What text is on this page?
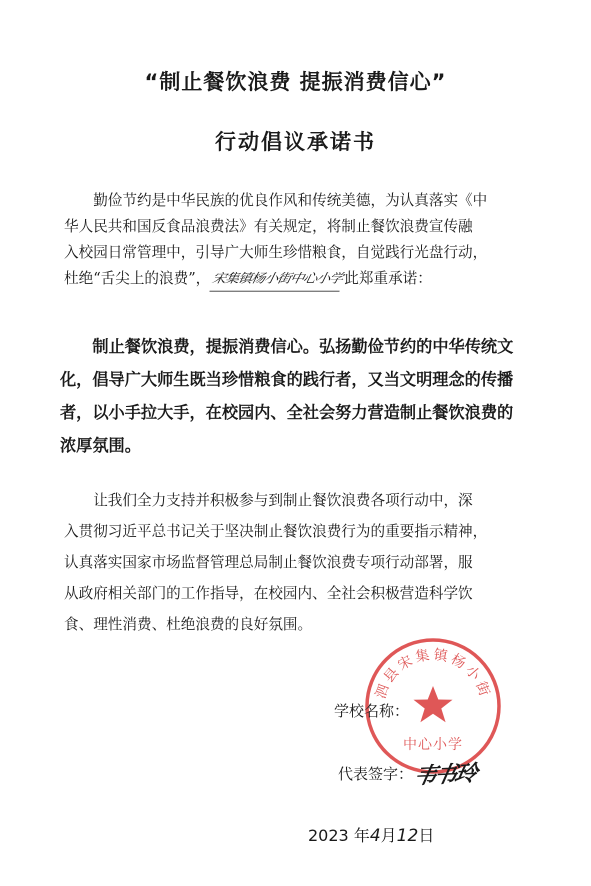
“制止餐饮浪费 提振消费信心”
行动倡议承诺书
勤俭节约是中华民族的优良作风和传统美德，为认真落实《中
华人民共和国反食品浪费法》有关规定，将制止餐饮浪费宣传融
入校园日常管理中，引导广大师生珍惜粮食，自觉践行光盘行动，
杜绝“舌尖上的浪费”，宋集镇杨小街中心小学此郑重承诺：
制止餐饮浪费，提振消费信心。弘扬勤俭节约的中华传统文
化，倡导广大师生既当珍惜粮食的践行者，又当文明理念的传播
者，以小手拉大手，在校园内、全社会努力营造制止餐饮浪费的
浓厚氛围。
让我们全力支持并积极参与到制止餐饮浪费各项行动中，深
入贯彻习近平总书记关于坚决制止餐饮浪费行为的重要指示精神，
认真落实国家市场监督管理总局制止餐饮浪费专项行动部署，服
从政府相关部门的工作指导，在校园内、全社会积极营造科学饮
食、理性消费、杜绝浪费的良好氛围。
泗县宋集镇杨小街
中心小学
学校名称：
代表签字：
韦书玲
2023 年4月12日
